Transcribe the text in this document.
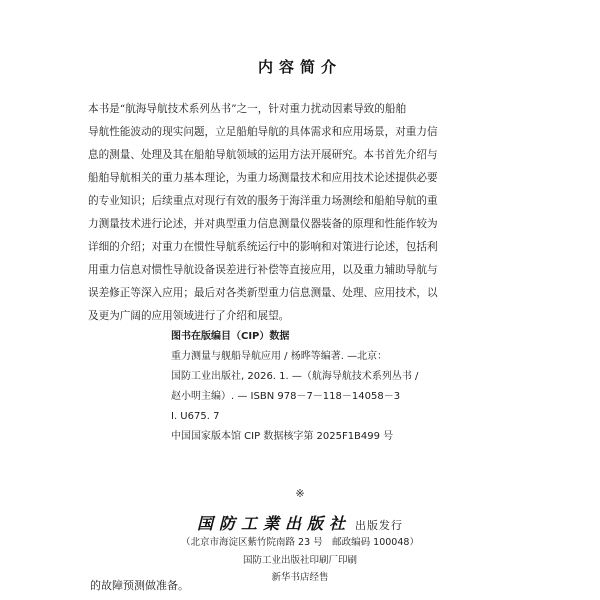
内容简介
本书是“航海导航技术系列丛书”之一，针对重力扰动因素导致的船舶
导航性能波动的现实问题，立足船舶导航的具体需求和应用场景，对重力信
息的测量、处理及其在船舶导航领域的运用方法开展研究。本书首先介绍与
船舶导航相关的重力基本理论，为重力场测量技术和应用技术论述提供必要
的专业知识；后续重点对现行有效的服务于海洋重力场测绘和船舶导航的重
力测量技术进行论述，并对典型重力信息测量仪器装备的原理和性能作较为
详细的介绍；对重力在惯性导航系统运行中的影响和对策进行论述，包括利
用重力信息对惯性导航设备误差进行补偿等直接应用，以及重力辅助导航与
误差修正等深入应用；最后对各类新型重力信息测量、处理、应用技术，以
及更为广阔的应用领域进行了介绍和展望。
图书在版编目（CIP）数据
重力测量与舰船导航应用 / 杨晔等编著. —北京：
国防工业出版社, 2026. 1. —（航海导航技术系列丛书 /
赵小明主编）. — ISBN 978－7－118－14058－3
Ⅰ. U675. 7
中国国家版本馆 CIP 数据核字第 2025F1B499 号
※
国防工業出版社 出版发行
（北京市海淀区紫竹院南路 23 号　邮政编码 100048）
国防工业出版社印刷厂印刷
新华书店经售
的故障预测做准备。
